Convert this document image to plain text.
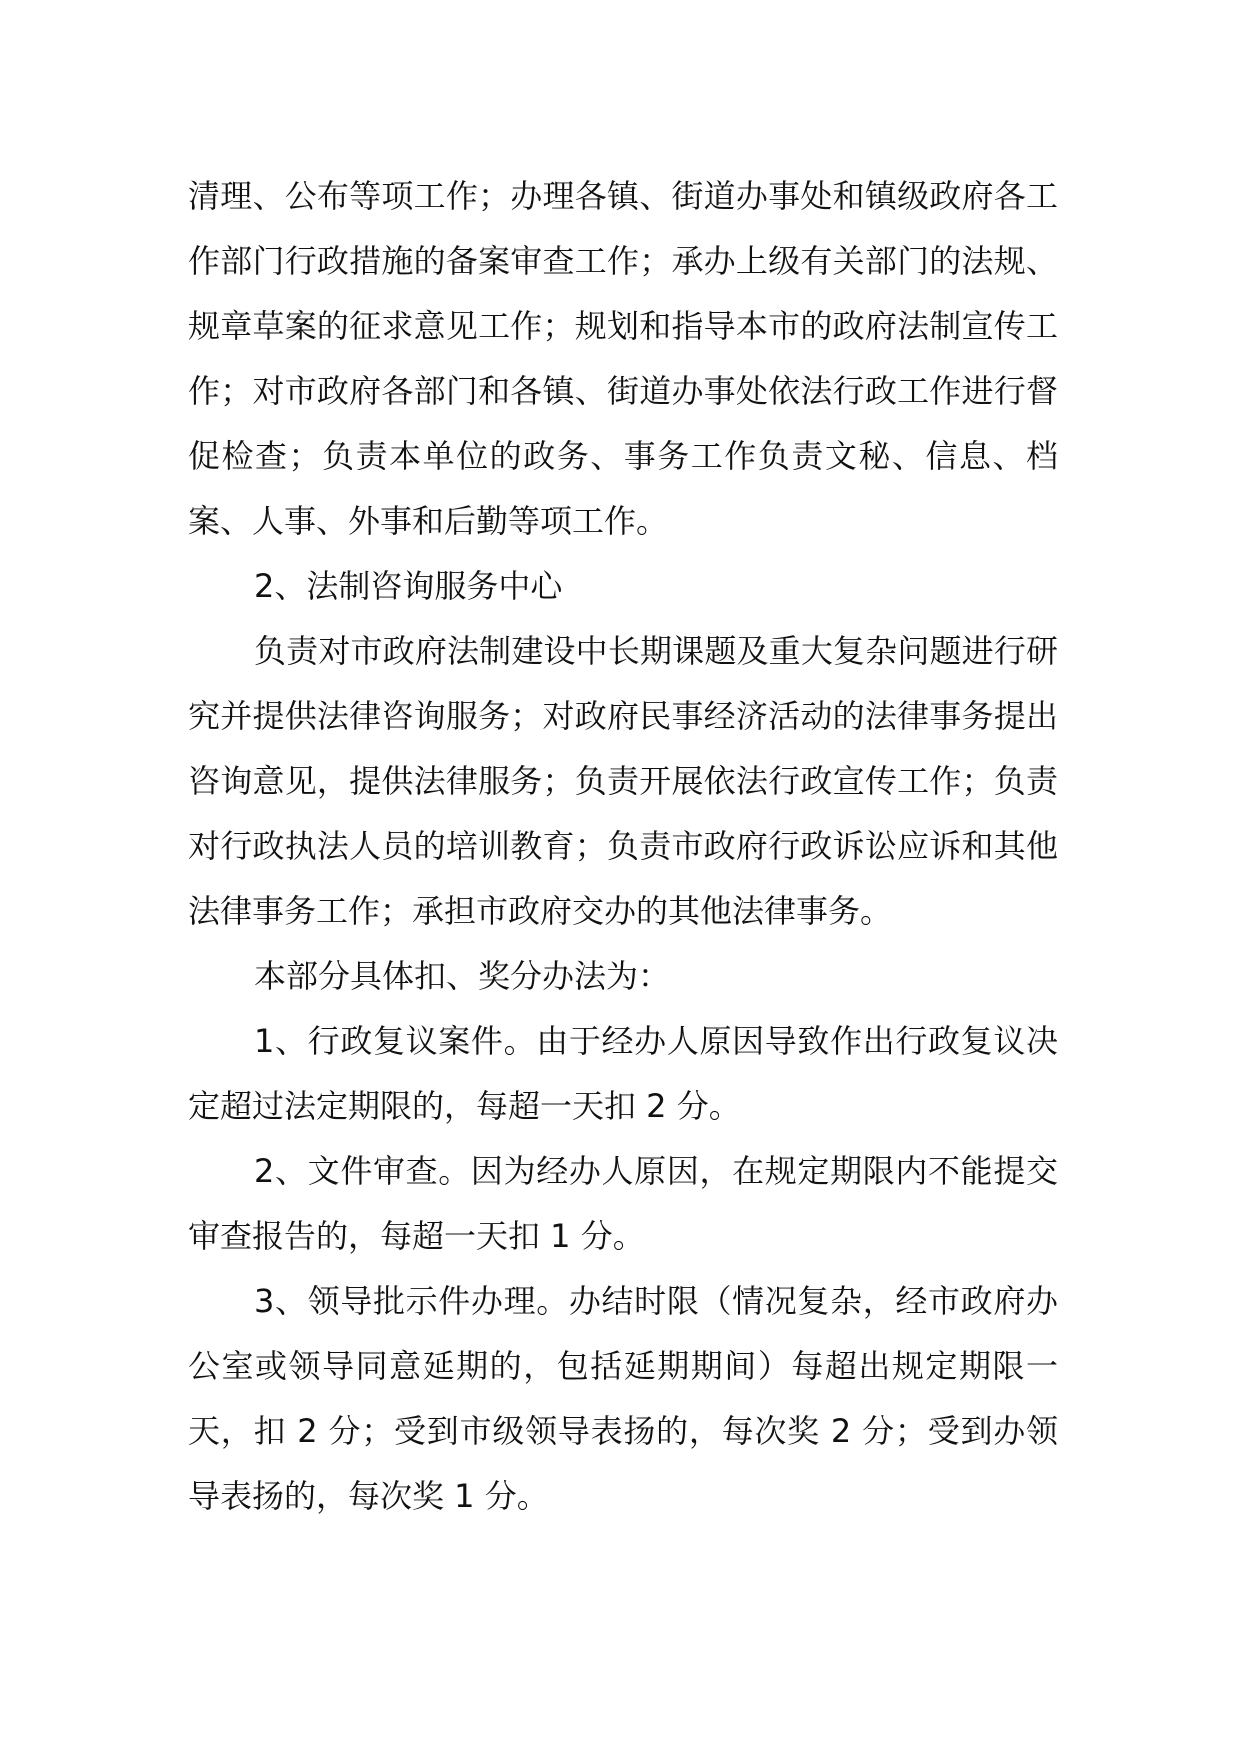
清理、公布等项工作；办理各镇、街道办事处和镇级政府各工作部门行政措施的备案审查工作；承办上级有关部门的法规、规章草案的征求意见工作；规划和指导本市的政府法制宣传工作；对市政府各部门和各镇、街道办事处依法行政工作进行督促检查；负责本单位的政务、事务工作负责文秘、信息、档案、人事、外事和后勤等项工作。

2、法制咨询服务中心

负责对市政府法制建设中长期课题及重大复杂问题进行研究并提供法律咨询服务；对政府民事经济活动的法律事务提出咨询意见，提供法律服务；负责开展依法行政宣传工作；负责对行政执法人员的培训教育；负责市政府行政诉讼应诉和其他法律事务工作；承担市政府交办的其他法律事务。

本部分具体扣、奖分办法为：

1、行政复议案件。由于经办人原因导致作出行政复议决定超过法定期限的，每超一天扣 2 分。

2、文件审查。因为经办人原因，在规定期限内不能提交审查报告的，每超一天扣 1 分。

3、领导批示件办理。办结时限（情况复杂，经市政府办公室或领导同意延期的，包括延期期间）每超出规定期限一天，扣 2 分；受到市级领导表扬的，每次奖 2 分；受到办领导表扬的，每次奖 1 分。
